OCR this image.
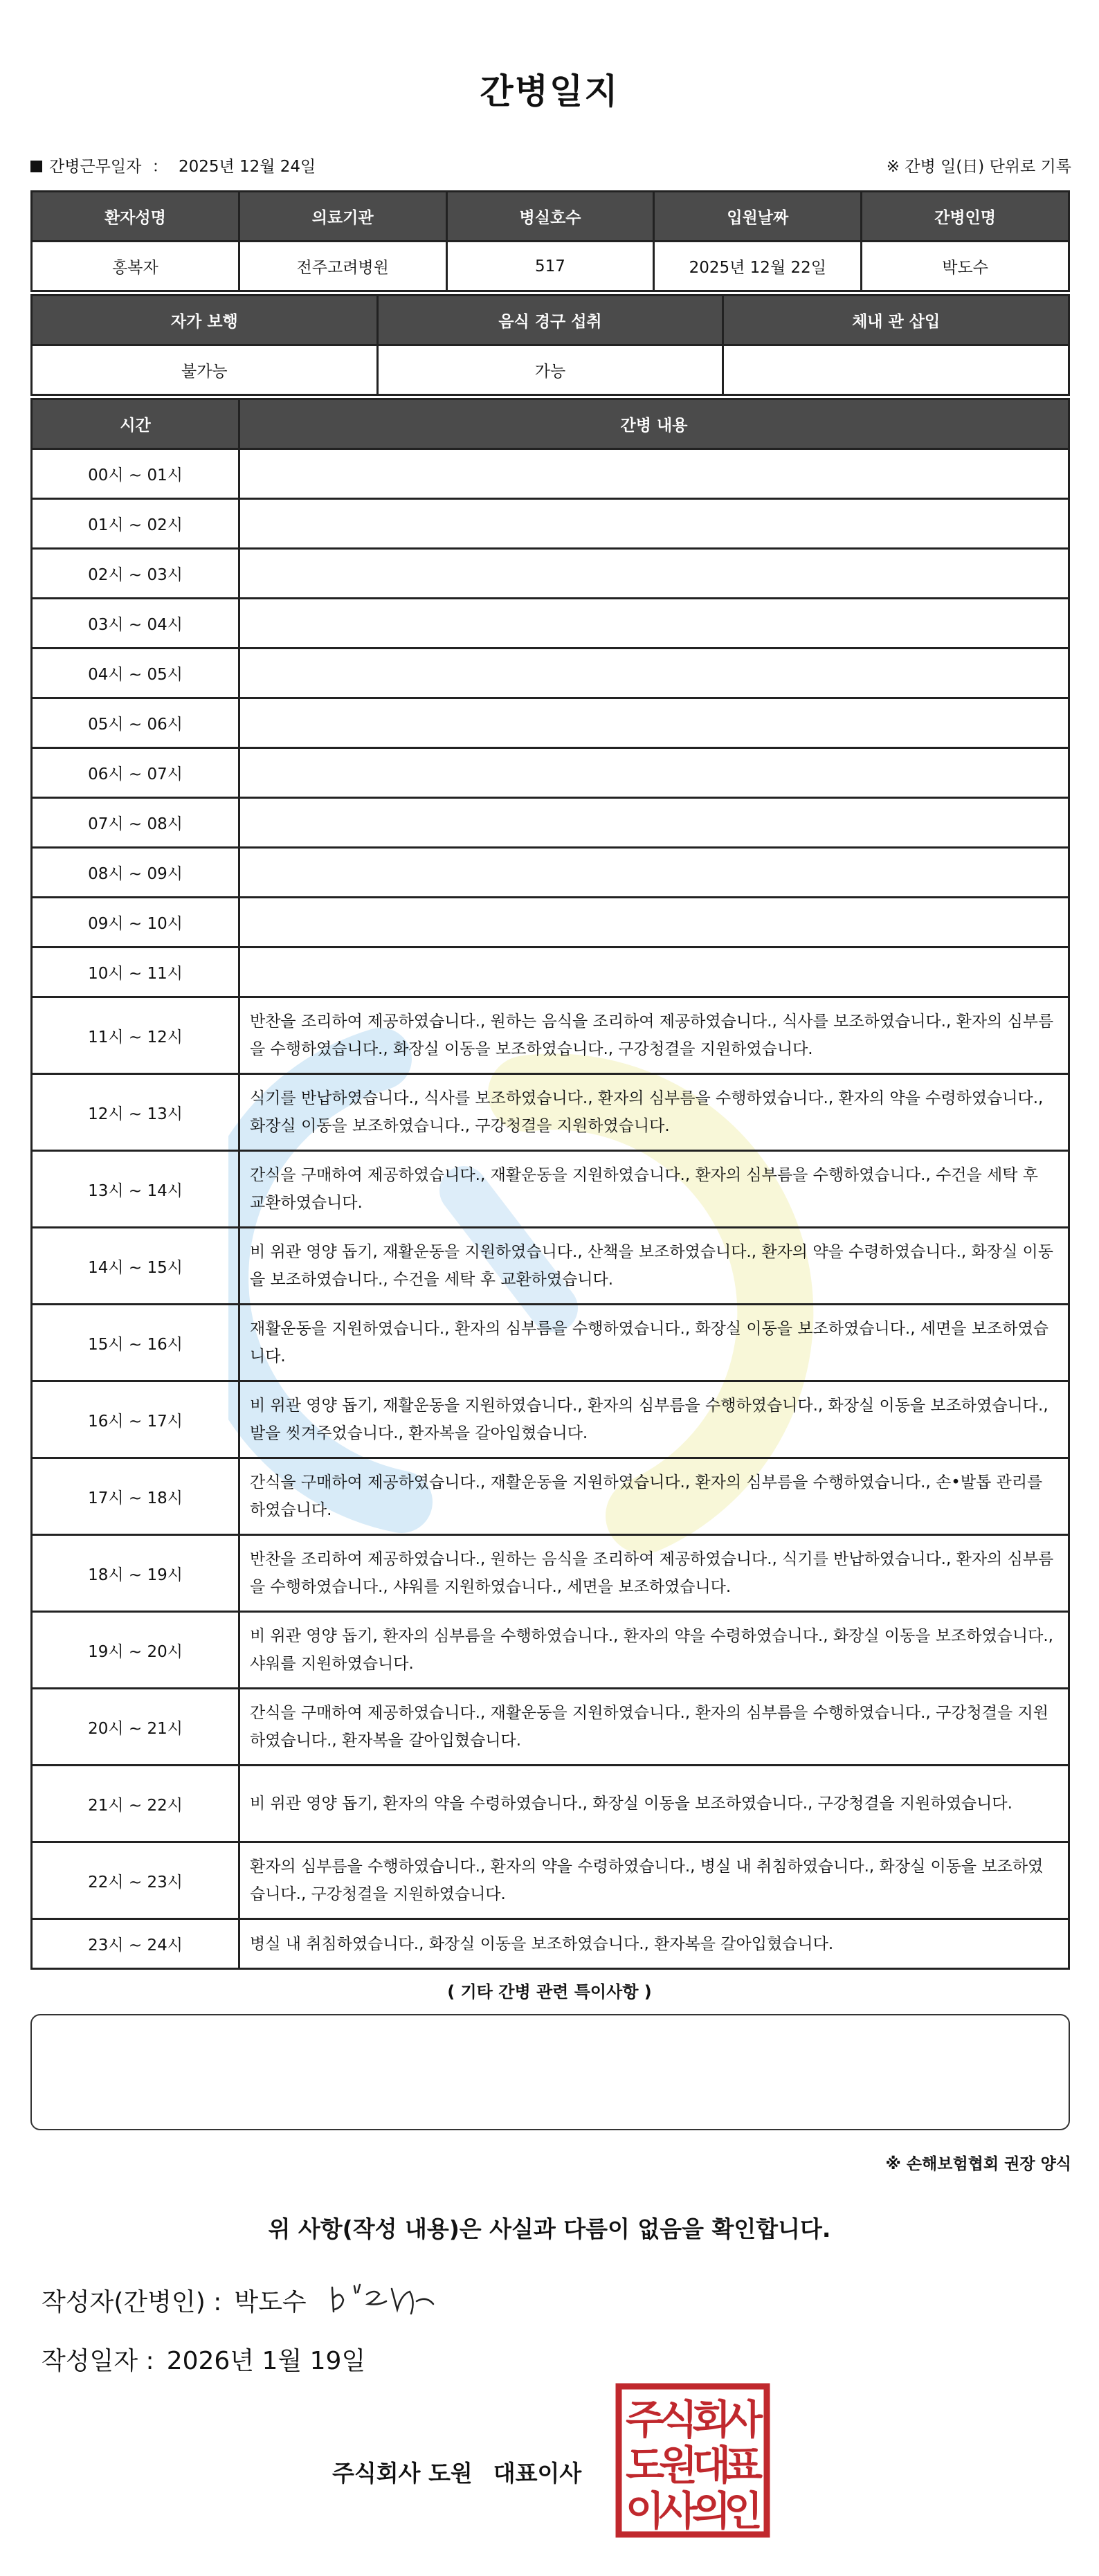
간병일지
간병근무일자 ： 2025년 12월 24일	※ 간병 일(日) 단위로 기록
환자성명	의료기관	병실호수	입원날짜	간병인명
홍복자	전주고려병원	517	2025년 12월 22일	박도수
자가 보행	음식 경구 섭취	체내 관 삽입
불가능	가능	
시간	간병 내용
00시 ~ 01시	
01시 ~ 02시	
02시 ~ 03시	
03시 ~ 04시	
04시 ~ 05시	
05시 ~ 06시	
06시 ~ 07시	
07시 ~ 08시	
08시 ~ 09시	
09시 ~ 10시	
10시 ~ 11시	
11시 ~ 12시	반찬을 조리하여 제공하였습니다., 원하는 음식을 조리하여 제공하였습니다., 식사를 보조하였습니다., 환자의 심부름을 수행하였습니다., 화장실 이동을 보조하였습니다., 구강청결을 지원하였습니다.
12시 ~ 13시	식기를 반납하였습니다., 식사를 보조하였습니다., 환자의 심부름을 수행하였습니다., 환자의 약을 수령하였습니다., 화장실 이동을 보조하였습니다., 구강청결을 지원하였습니다.
13시 ~ 14시	간식을 구매하여 제공하였습니다., 재활운동을 지원하였습니다., 환자의 심부름을 수행하였습니다., 수건을 세탁 후 교환하였습니다.
14시 ~ 15시	비 위관 영양 돕기, 재활운동을 지원하였습니다., 산책을 보조하였습니다., 환자의 약을 수령하였습니다., 화장실 이동을 보조하였습니다., 수건을 세탁 후 교환하였습니다.
15시 ~ 16시	재활운동을 지원하였습니다., 환자의 심부름을 수행하였습니다., 화장실 이동을 보조하였습니다., 세면을 보조하였습니다.
16시 ~ 17시	비 위관 영양 돕기, 재활운동을 지원하였습니다., 환자의 심부름을 수행하였습니다., 화장실 이동을 보조하였습니다., 발을 씻겨주었습니다., 환자복을 갈아입혔습니다.
17시 ~ 18시	간식을 구매하여 제공하였습니다., 재활운동을 지원하였습니다., 환자의 심부름을 수행하였습니다., 손•발톱 관리를 하였습니다.
18시 ~ 19시	반찬을 조리하여 제공하였습니다., 원하는 음식을 조리하여 제공하였습니다., 식기를 반납하였습니다., 환자의 심부름을 수행하였습니다., 샤워를 지원하였습니다., 세면을 보조하였습니다.
19시 ~ 20시	비 위관 영양 돕기, 환자의 심부름을 수행하였습니다., 환자의 약을 수령하였습니다., 화장실 이동을 보조하였습니다., 샤워를 지원하였습니다.
20시 ~ 21시	간식을 구매하여 제공하였습니다., 재활운동을 지원하였습니다., 환자의 심부름을 수행하였습니다., 구강청결을 지원하였습니다., 환자복을 갈아입혔습니다.
21시 ~ 22시	비 위관 영양 돕기, 환자의 약을 수령하였습니다., 화장실 이동을 보조하였습니다., 구강청결을 지원하였습니다.
22시 ~ 23시	환자의 심부름을 수행하였습니다., 환자의 약을 수령하였습니다., 병실 내 취침하였습니다., 화장실 이동을 보조하였습니다., 구강청결을 지원하였습니다.
23시 ~ 24시	병실 내 취침하였습니다., 화장실 이동을 보조하였습니다., 환자복을 갈아입혔습니다.
( 기타 간병 관련 특이사항 )
※ 손해보험협회 권장 양식
위 사항(작성 내용)은 사실과 다름이 없음을 확인합니다.
작성자(간병인) : 박도수
작성일자 : 2026년 1월 19일
주식회사 도원 대표이사
주
식
회
사
도
원
대
표
이
사
의
인
